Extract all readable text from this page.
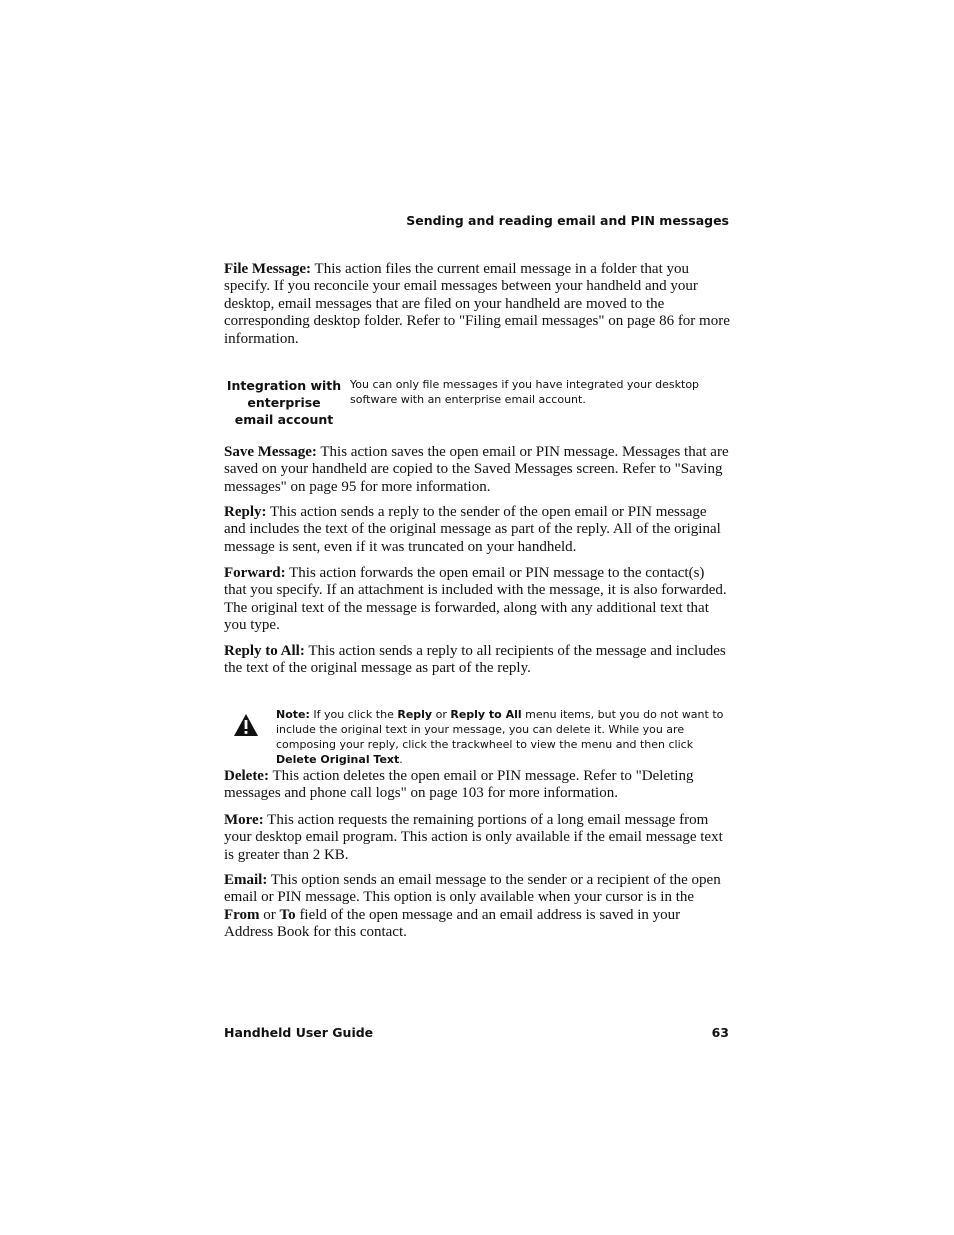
Sending and reading email and PIN messages

File Message: This action files the current email message in a folder that you specify. If you reconcile your email messages between your handheld and your desktop, email messages that are filed on your handheld are moved to the corresponding desktop folder. Refer to "Filing email messages" on page 86 for more information.

Integration with enterprise email account
You can only file messages if you have integrated your desktop software with an enterprise email account.

Save Message: This action saves the open email or PIN message. Messages that are saved on your handheld are copied to the Saved Messages screen. Refer to "Saving messages" on page 95 for more information.

Reply: This action sends a reply to the sender of the open email or PIN message and includes the text of the original message as part of the reply. All of the original message is sent, even if it was truncated on your handheld.

Forward: This action forwards the open email or PIN message to the contact(s) that you specify. If an attachment is included with the message, it is also forwarded. The original text of the message is forwarded, along with any additional text that you type.

Reply to All: This action sends a reply to all recipients of the message and includes the text of the original message as part of the reply.

Note: If you click the Reply or Reply to All menu items, but you do not want to include the original text in your message, you can delete it. While you are composing your reply, click the trackwheel to view the menu and then click Delete Original Text.

Delete: This action deletes the open email or PIN message. Refer to "Deleting messages and phone call logs" on page 103 for more information.

More: This action requests the remaining portions of a long email message from your desktop email program. This action is only available if the email message text is greater than 2 KB.

Email: This option sends an email message to the sender or a recipient of the open email or PIN message. This option is only available when your cursor is in the From or To field of the open message and an email address is saved in your Address Book for this contact.

Handheld User Guide	63
